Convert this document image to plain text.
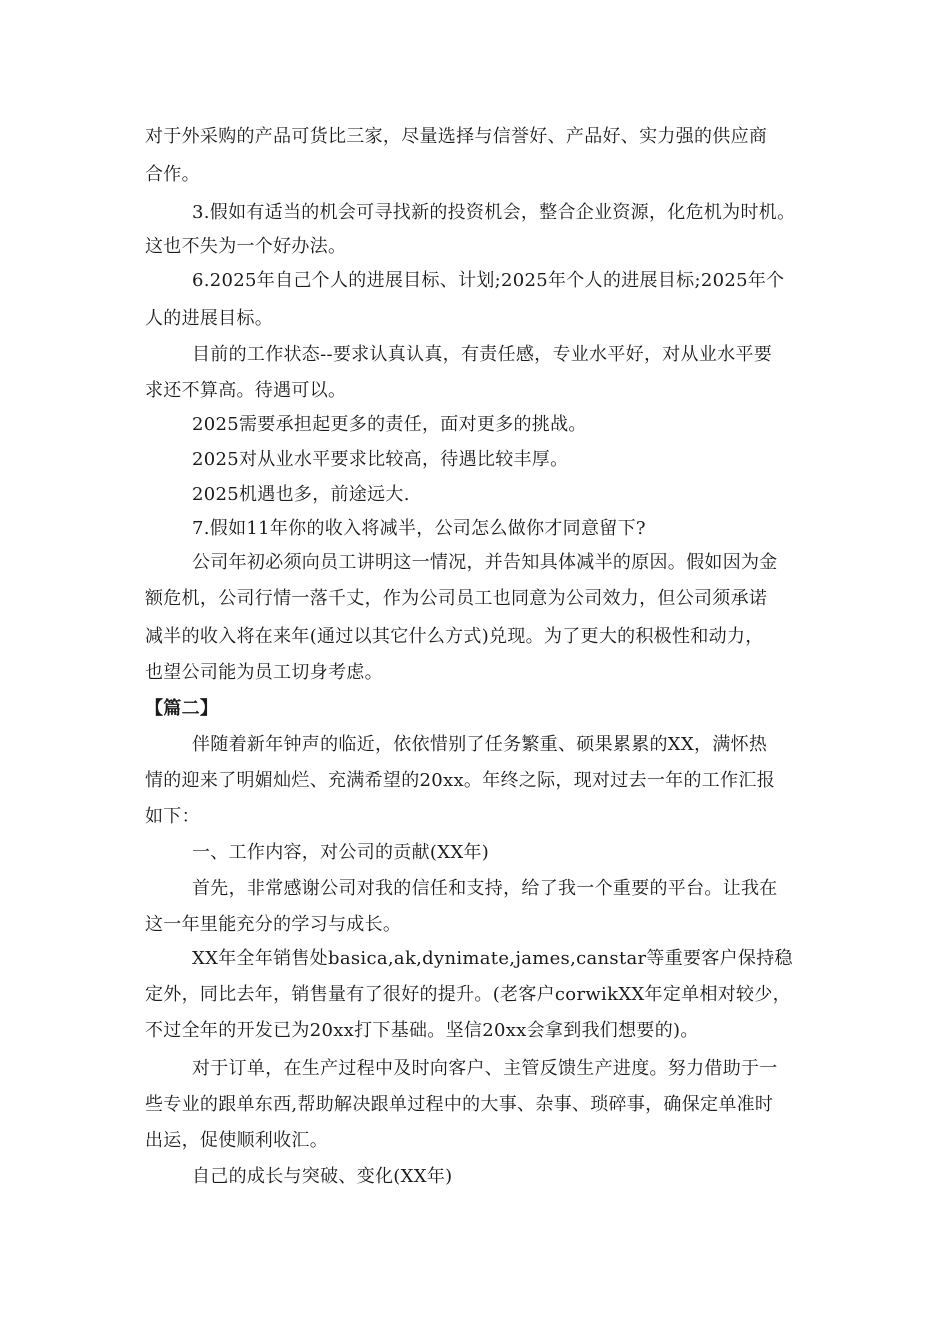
对于外采购的产品可货比三家，尽量选择与信誉好、产品好、实力强的供应商
合作。
3.假如有适当的机会可寻找新的投资机会，整合企业资源，化危机为时机。
这也不失为一个好办法。
6.2025年自己个人的进展目标、计划;2025年个人的进展目标;2025年个
人的进展目标。
目前的工作状态--要求认真认真，有责任感，专业水平好，对从业水平要
求还不算高。待遇可以。
2025需要承担起更多的责任，面对更多的挑战。
2025对从业水平要求比较高，待遇比较丰厚。
2025机遇也多，前途远大.
7.假如11年你的收入将减半，公司怎么做你才同意留下?
公司年初必须向员工讲明这一情况，并告知具体减半的原因。假如因为金
额危机，公司行情一落千丈，作为公司员工也同意为公司效力，但公司须承诺
减半的收入将在来年(通过以其它什么方式)兑现。为了更大的积极性和动力，
也望公司能为员工切身考虑。
【篇二】
伴随着新年钟声的临近，依依惜别了任务繁重、硕果累累的XX，满怀热
情的迎来了明媚灿烂、充满希望的20xx。年终之际，现对过去一年的工作汇报
如下：
一、工作内容，对公司的贡献(XX年)
首先，非常感谢公司对我的信任和支持，给了我一个重要的平台。让我在
这一年里能充分的学习与成长。
XX年全年销售处basica,ak,dynimate,james,canstar等重要客户保持稳
定外，同比去年，销售量有了很好的提升。(老客户corwikXX年定单相对较少，
不过全年的开发已为20xx打下基础。坚信20xx会拿到我们想要的)。
对于订单，在生产过程中及时向客户、主管反馈生产进度。努力借助于一
些专业的跟单东西,帮助解决跟单过程中的大事、杂事、琐碎事，确保定单准时
出运，促使顺利收汇。
自己的成长与突破、变化(XX年)
